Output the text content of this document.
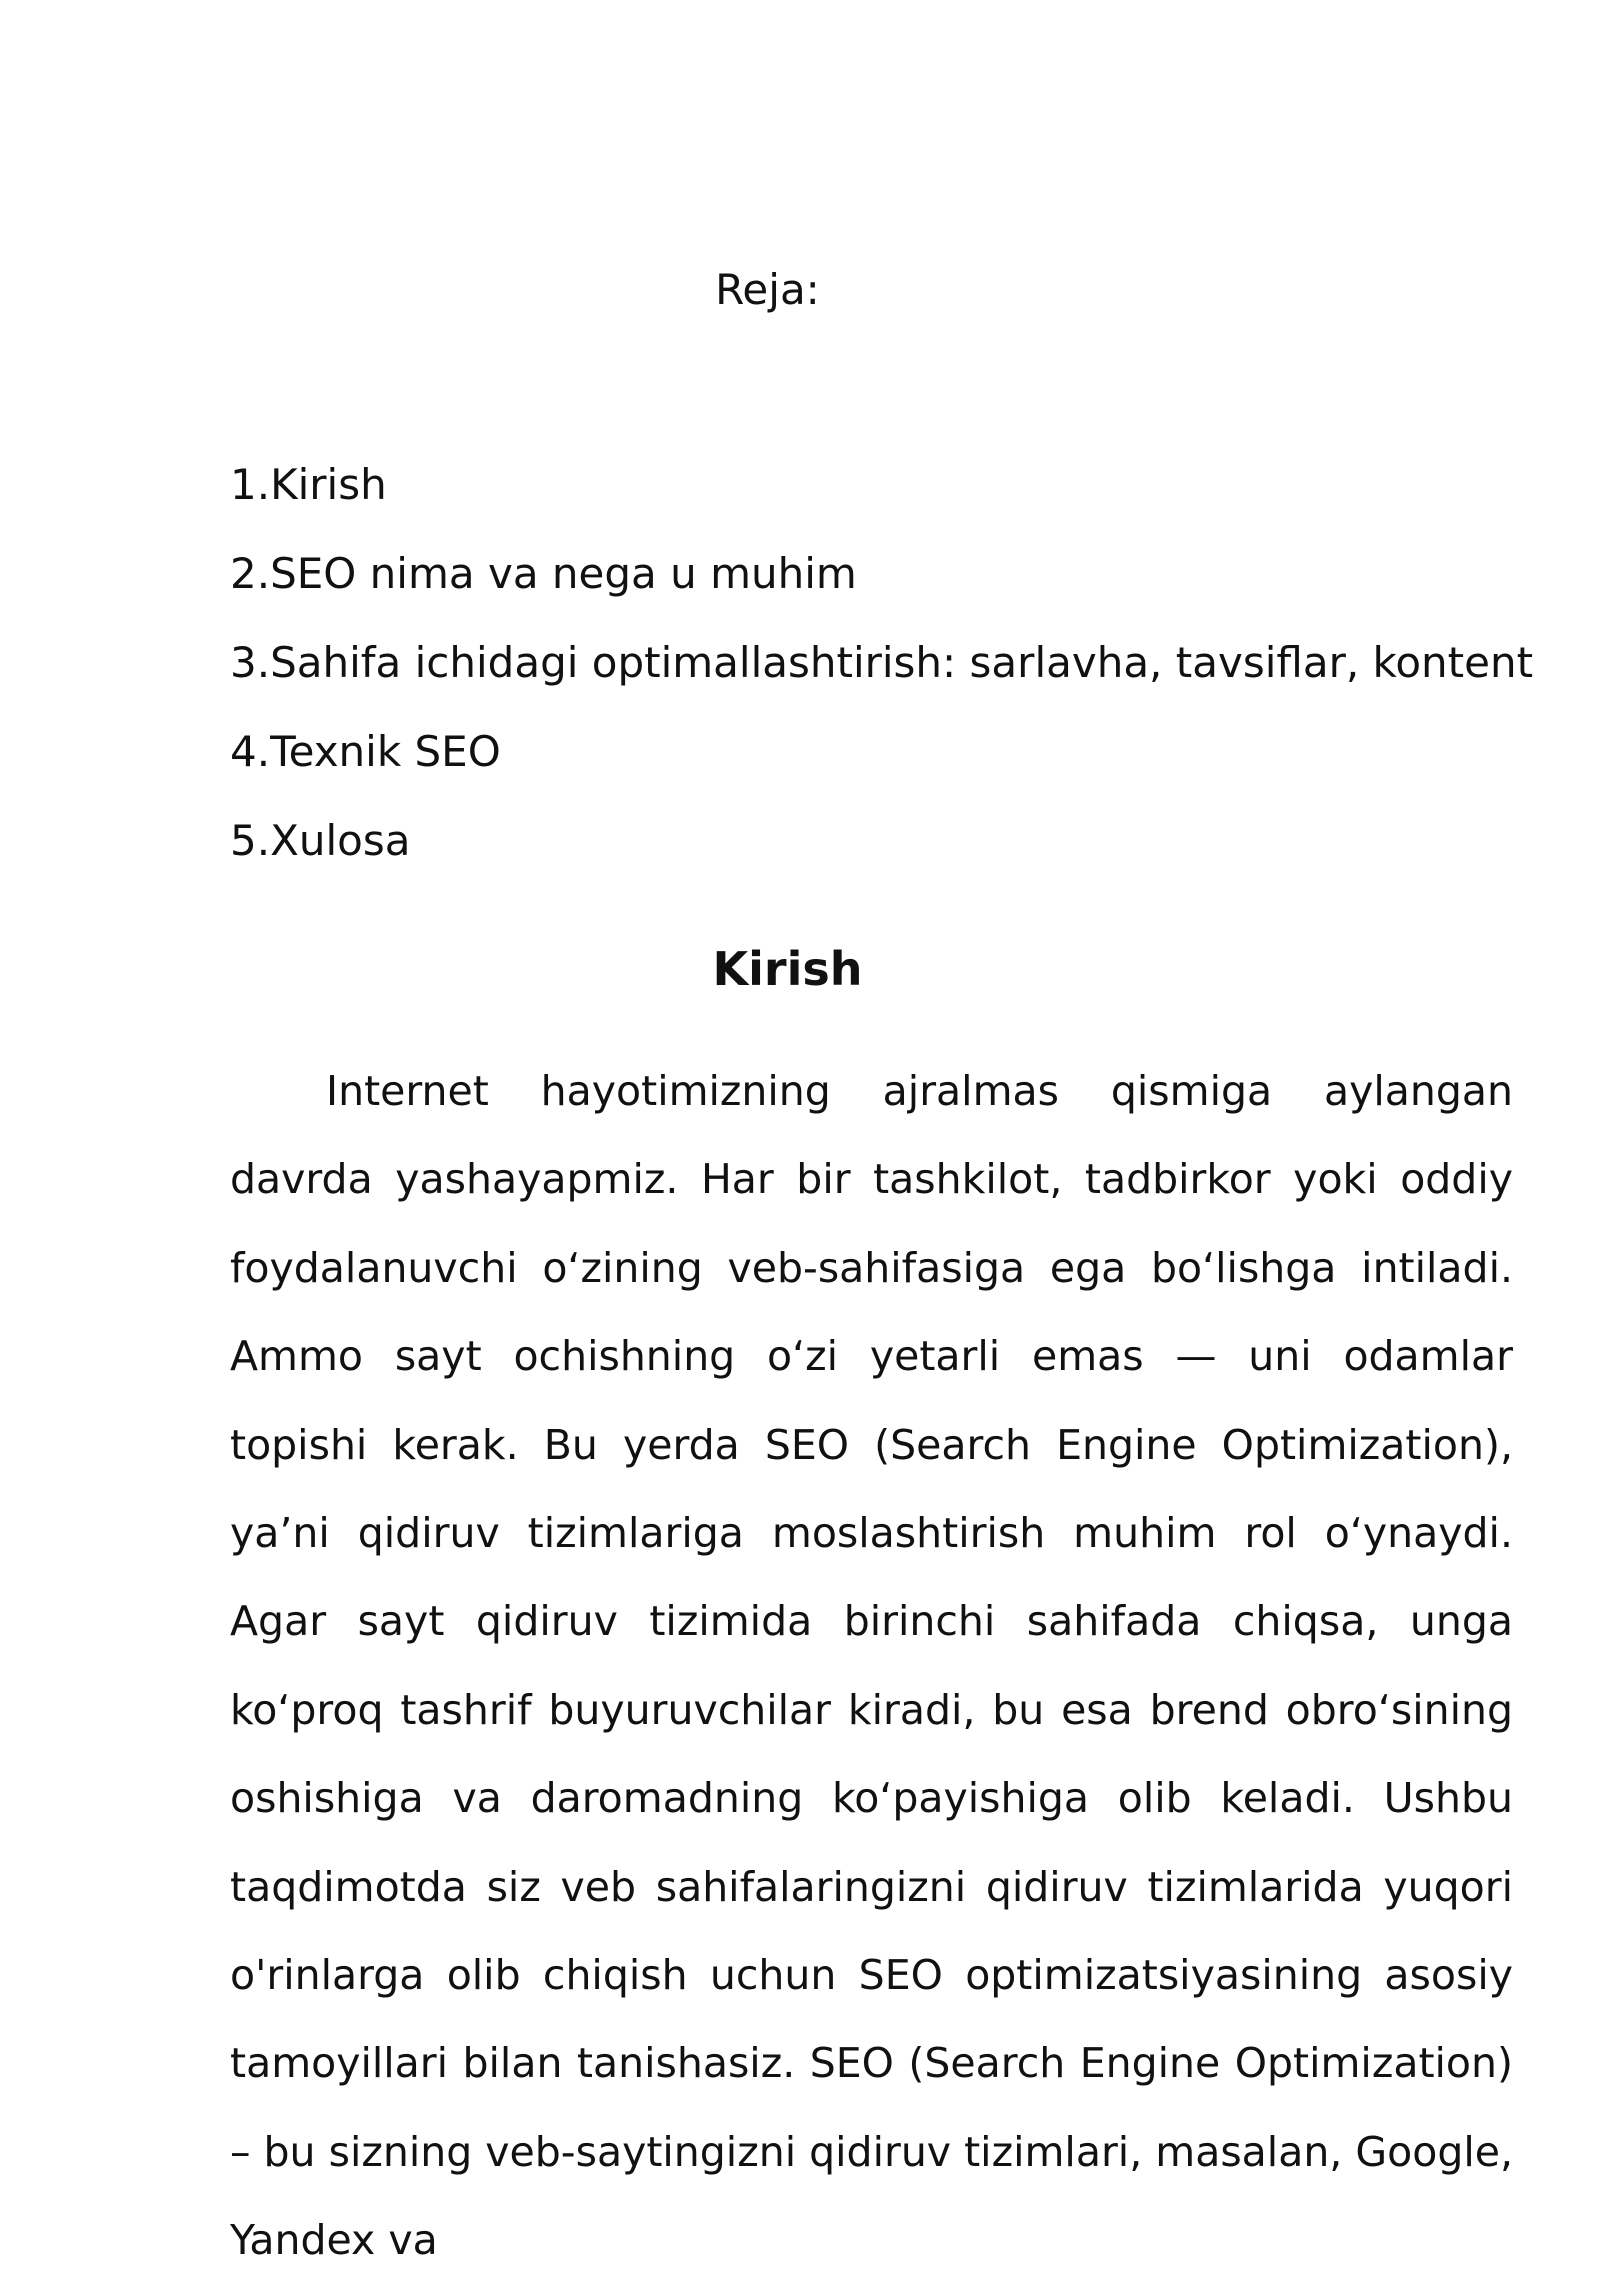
Reja:
1.Kirish
2.SEO nima va nega u muhim
3.Sahifa ichidagi optimallashtirish: sarlavha, tavsiflar, kontent
4.Texnik SEO
5.Xulosa
Kirish

Internet hayotimizning ajralmas qismiga aylangan davrda yashayapmiz. Har bir tashkilot, tadbirkor yoki oddiy foydalanuvchi o‘zining veb-sahifasiga ega bo‘lishga intiladi. Ammo sayt ochishning o‘zi yetarli emas — uni odamlar topishi kerak. Bu yerda SEO (Search Engine Optimization), ya’ni qidiruv tizimlariga moslashtirish muhim rol o‘ynaydi. Agar sayt qidiruv tizimida birinchi sahifada chiqsa, unga ko‘proq tashrif buyuruvchilar kiradi, bu esa brend obro‘sining oshishiga va daromadning ko‘payishiga olib keladi. Ushbu taqdimotda siz veb sahifalaringizni qidiruv tizimlarida yuqori o'rinlarga olib chiqish uchun SEO optimizatsiyasining asosiy tamoyillari bilan tanishasiz. SEO (Search Engine Optimization) – bu sizning veb-saytingizni qidiruv tizimlari, masalan, Google, Yandex va
